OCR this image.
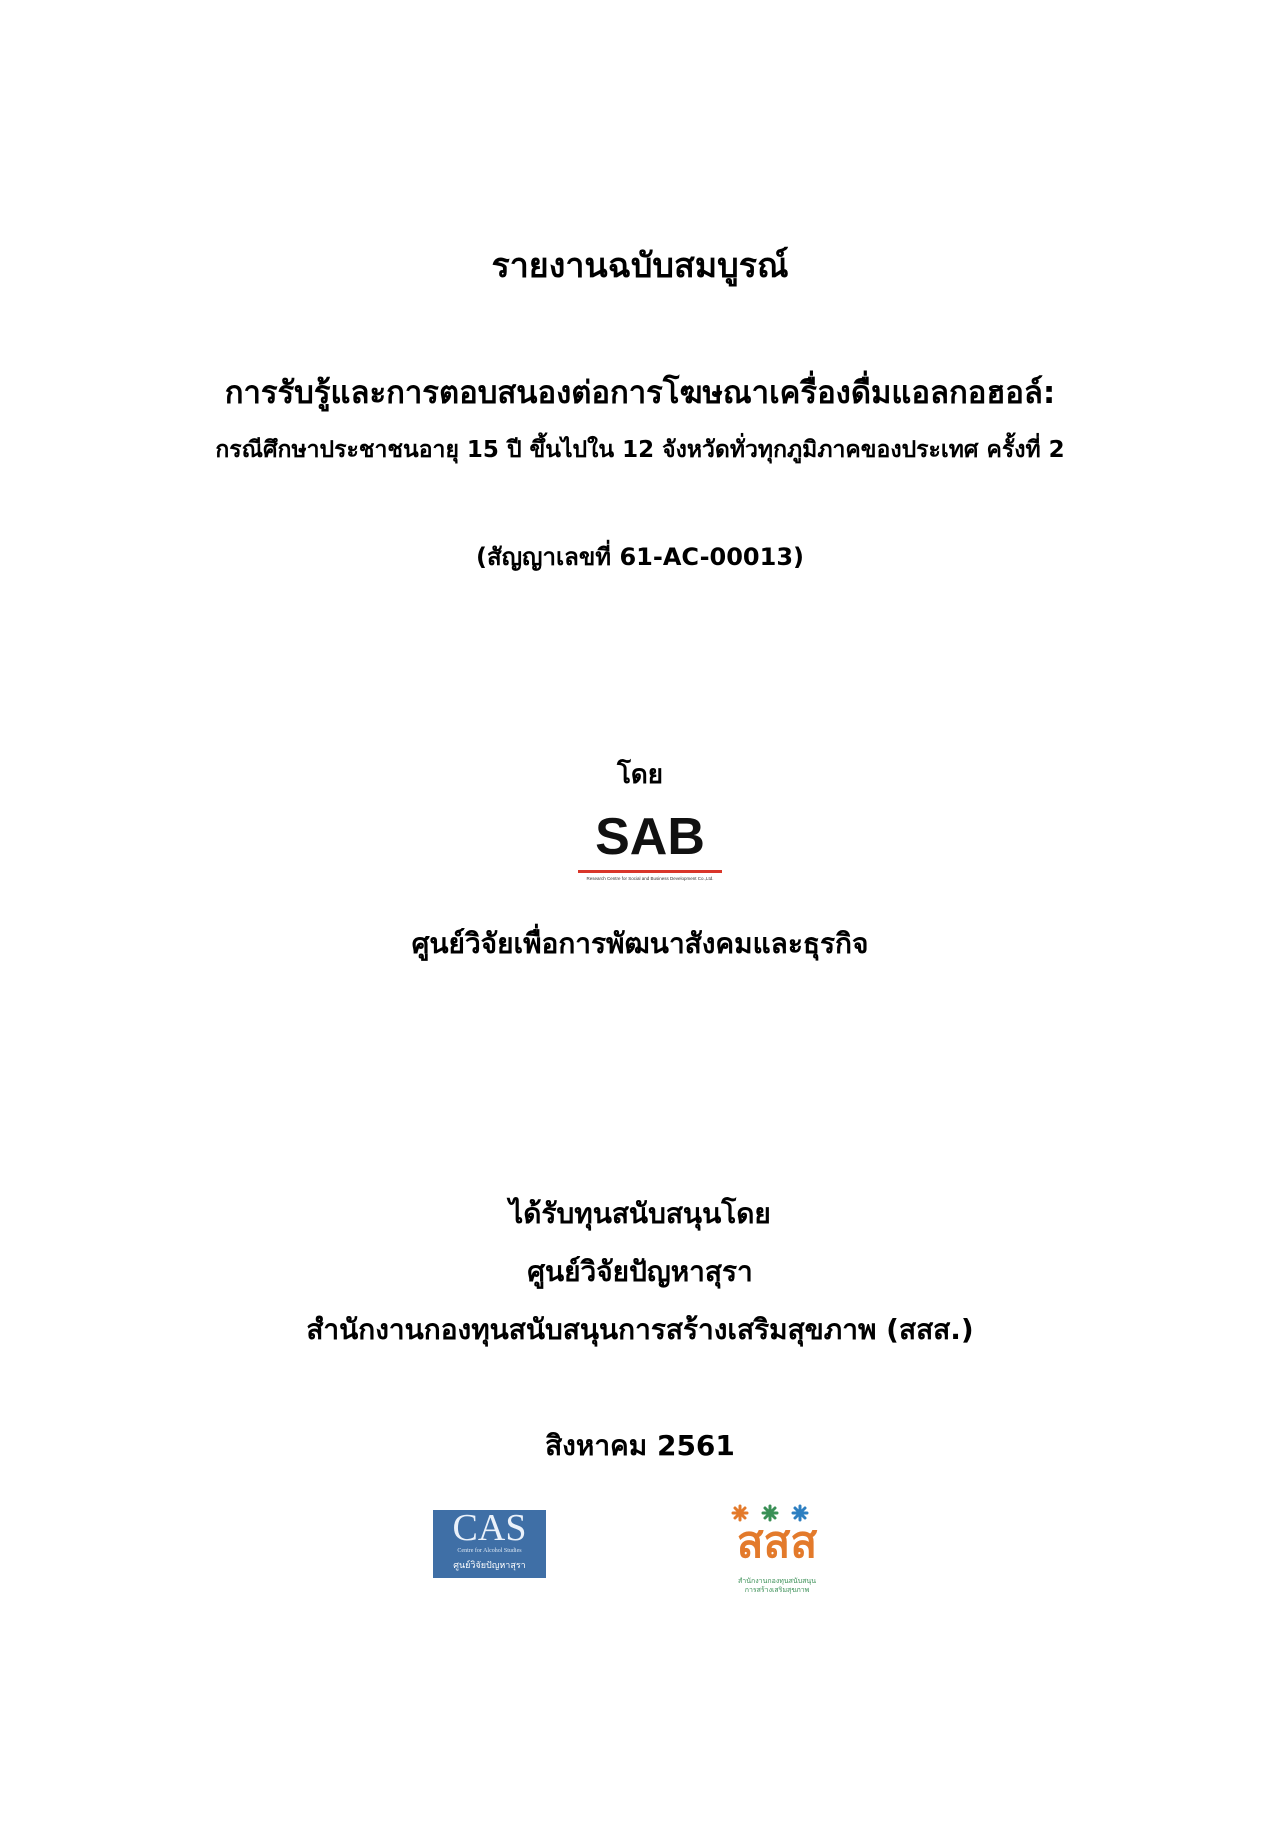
รายงานฉบับสมบูรณ์
การรับรู้และการตอบสนองต่อการโฆษณาเครื่องดื่มแอลกอฮอล์:
กรณีศึกษาประชาชนอายุ 15 ปี ขึ้นไปใน 12 จังหวัดทั่วทุกภูมิภาคของประเทศ ครั้งที่ 2
(สัญญาเลขที่ 61-AC-00013)
โดย
SAB
Research Centre for Social and Business Development Co.,Ltd.
ศูนย์วิจัยเพื่อการพัฒนาสังคมและธุรกิจ
ได้รับทุนสนับสนุนโดย
ศูนย์วิจัยปัญหาสุรา
สำนักงานกองทุนสนับสนุนการสร้างเสริมสุขภาพ (สสส.)
สิงหาคม 2561
CAS
Centre for Alcohol Studies
ศูนย์วิจัยปัญหาสุรา	สสส
สำนักงานกองทุนสนับสนุน
การสร้างเสริมสุขภาพ
